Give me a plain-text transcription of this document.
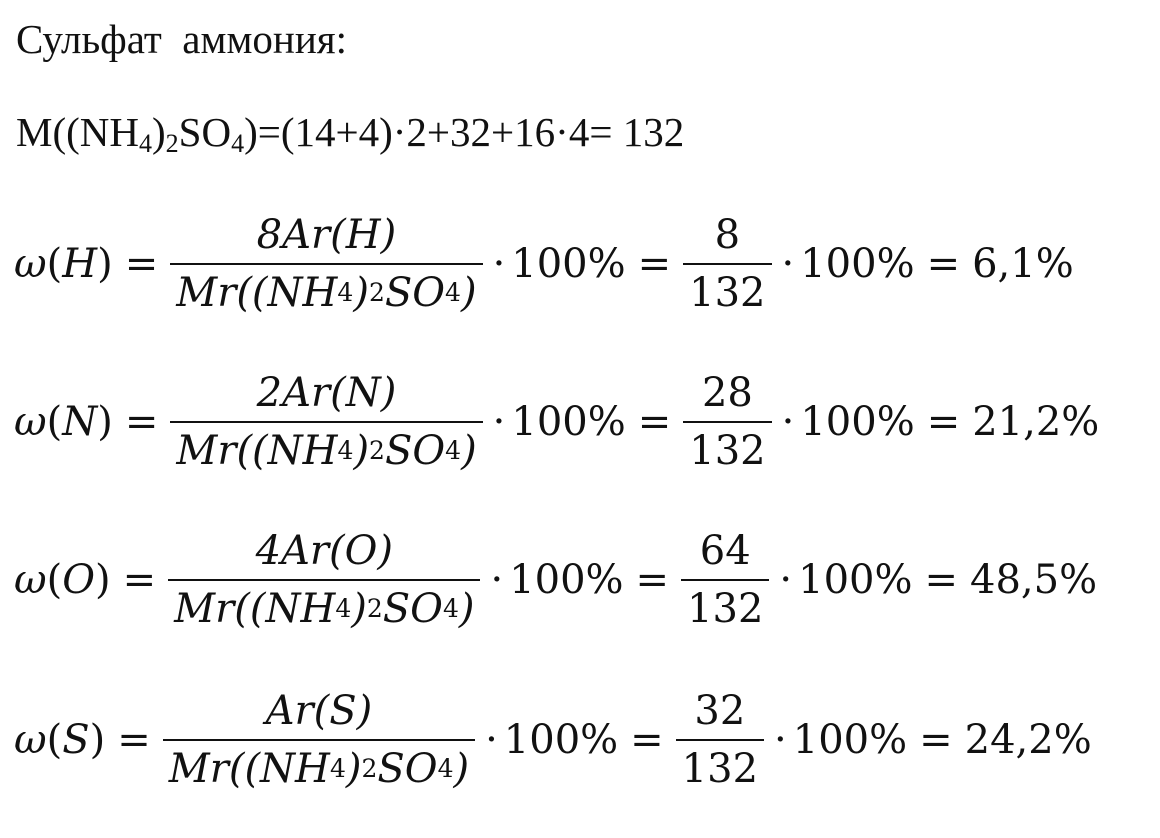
Сульфат  аммония:
$M((NH_4)_2SO_4)=(14+4)\cdot 2+32+16\cdot 4= 132$
ω ( H ) = $\frac{8Ar(H)}{Mr((NH 4 ) 2 SO 4 )} \cdot 100\% = \frac{8}{132} \cdot 100\% = 6,1\%$
ω ( N ) = $\frac{2Ar(N)}{Mr((NH 4 ) 2 SO 4 )} \cdot 100\% = \frac{28}{132} \cdot 100\% = 21,2\%$
ω ( O ) = $\frac{4Ar(O)}{Mr((NH 4 ) 2 SO 4 )} \cdot 100\% = \frac{64}{132} \cdot 100\% = 48,5\%$
ω ( S ) = $\frac{Ar(S)}{Mr((NH 4 ) 2 SO 4 )} \cdot 100\% = \frac{32}{132} \cdot 100\% = 24,2\%$
